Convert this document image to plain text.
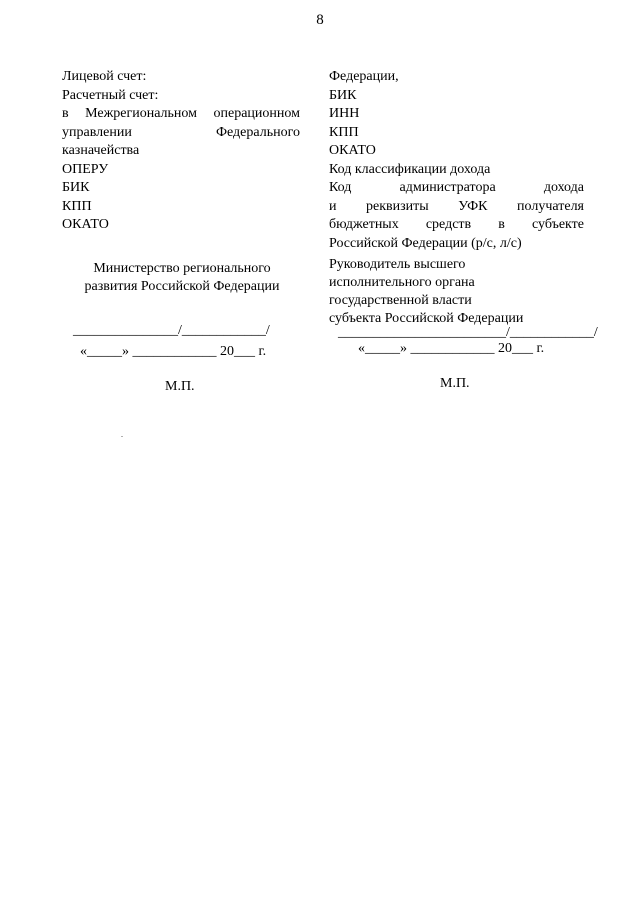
8
Лицевой счет:
Расчетный счет:
в Межрегиональном операционном
управлении Федерального
казначейства
ОПЕРУ
БИК
КПП
ОКАТО
Федерации,
БИК
ИНН
КПП
ОКАТО
Код классификации дохода
Код администратора дохода
и реквизиты УФК получателя
бюджетных средств в субъекте
Российской Федерации (р/с, л/с)
Министерство регионального
развития Российской Федерации
Руководитель высшего
исполнительного органа
государственной власти
субъекта Российской Федерации
_______________/____________/	________________________/____________/
«_____» ____________ 20___ г.	«_____» ____________ 20___ г.
М.П.	М.П.
